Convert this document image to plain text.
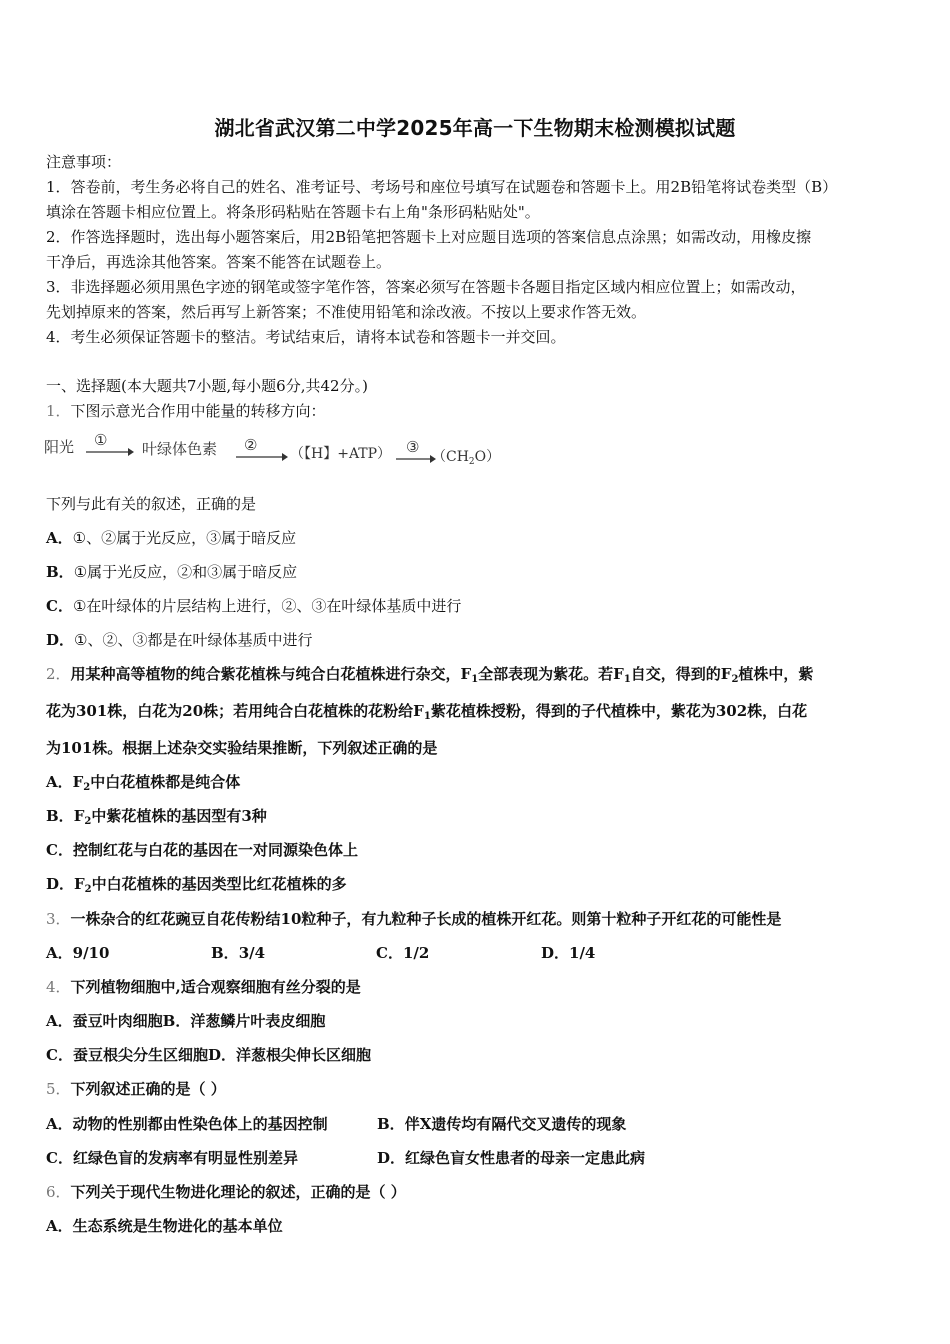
湖北省武汉第二中学2025年高一下生物期末检测模拟试题
注意事项：
1．答卷前，考生务必将自己的姓名、准考证号、考场号和座位号填写在试题卷和答题卡上。用2B铅笔将试卷类型（B）
填涂在答题卡相应位置上。将条形码粘贴在答题卡右上角"条形码粘贴处"。
2．作答选择题时，选出每小题答案后，用2B铅笔把答题卡上对应题目选项的答案信息点涂黑；如需改动，用橡皮擦
干净后，再选涂其他答案。答案不能答在试题卷上。
3．非选择题必须用黑色字迹的钢笔或签字笔作答，答案必须写在答题卡各题目指定区域内相应位置上；如需改动，
先划掉原来的答案，然后再写上新答案；不准使用铅笔和涂改液。不按以上要求作答无效。
4．考生必须保证答题卡的整洁。考试结束后，请将本试卷和答题卡一并交回。
一、选择题(本大题共7小题,每小题6分,共42分。)
1．下图示意光合作用中能量的转移方向：
阳光 ① 叶绿体色素 ② （【H】+ATP） ③
$(CH_2O)$
下列与此有关的叙述，正确的是
A．①、②属于光反应，③属于暗反应
B．①属于光反应，②和③属于暗反应
C．①在叶绿体的片层结构上进行，②、③在叶绿体基质中进行
D．①、②、③都是在叶绿体基质中进行
2．用某种高等植物的纯合紫花植株与纯合白花植株进行杂交，$F_1$全部表现为紫花。若$F_1$自交，得到的$F_2$植株中，紫
花为301株，白花为20株；若用纯合白花植株的花粉给$F_1$紫花植株授粉，得到的子代植株中，紫花为302株，白花
为101株。根据上述杂交实验结果推断，下列叙述正确的是
A．$F_2$中白花植株都是纯合体
B．$F_2$中紫花植株的基因型有3种
C．控制红花与白花的基因在一对同源染色体上
D．$F_2$中白花植株的基因类型比红花植株的多
3．一株杂合的红花豌豆自花传粉结10粒种子，有九粒种子长成的植株开红花。则第十粒种子开红花的可能性是
A．9/10	B．3/4	C．1/2	D．1/4
4．下列植物细胞中,适合观察细胞有丝分裂的是
A．蚕豆叶肉细胞B．洋葱鳞片叶表皮细胞
C．蚕豆根尖分生区细胞D．洋葱根尖伸长区细胞
5．下列叙述正确的是（ ）
A．动物的性别都由性染色体上的基因控制	B．伴X遗传均有隔代交叉遗传的现象
C．红绿色盲的发病率有明显性别差异	D．红绿色盲女性患者的母亲一定患此病
6．下列关于现代生物进化理论的叙述，正确的是（ ）
A．生态系统是生物进化的基本单位
